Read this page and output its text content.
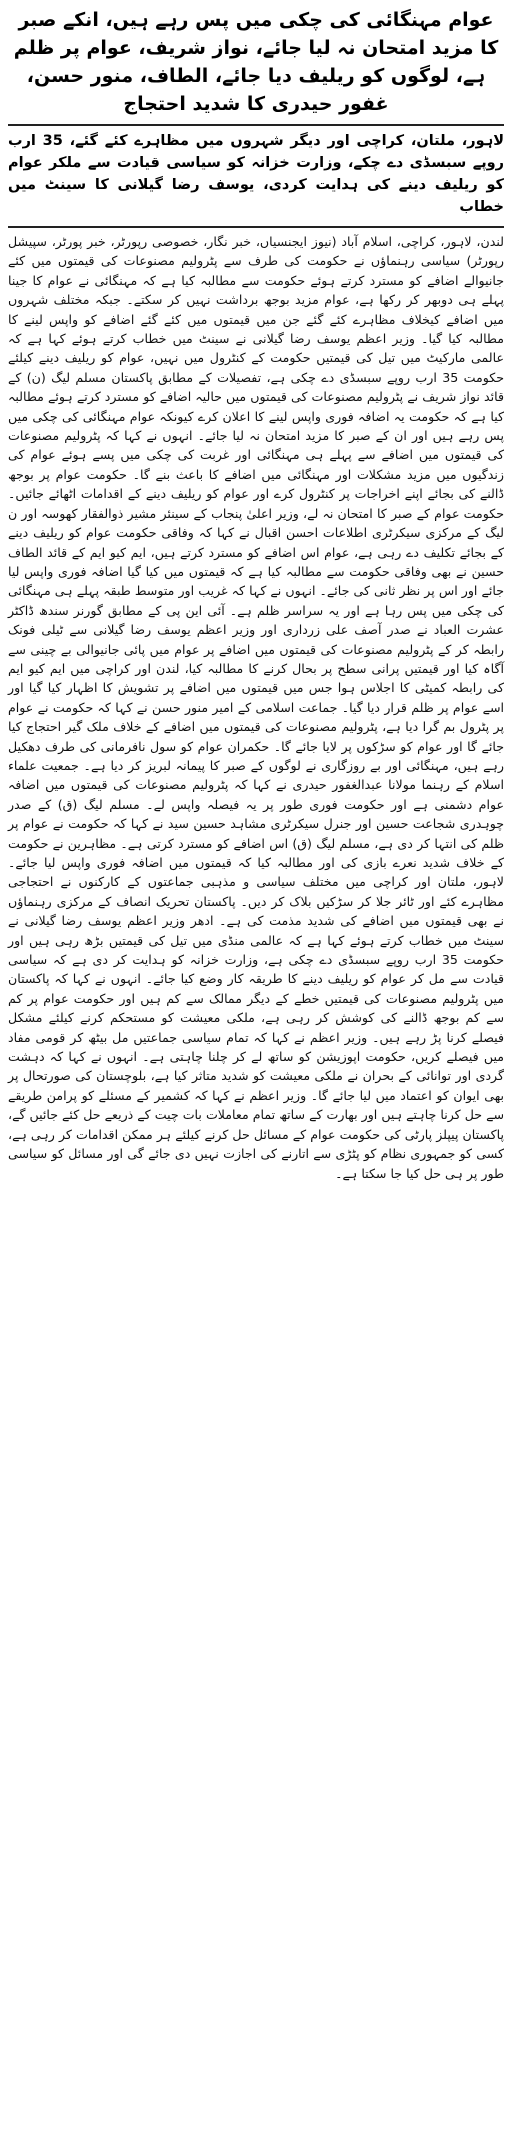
عوام مہنگائی کی چکی میں پس رہے ہیں، انکے صبر کا مزید امتحان نہ لیا جائے، نواز شریف، عوام پر ظلم ہے، لوگوں کو ریلیف دیا جائے، الطاف، منور حسن، غفور حیدری کا شدید احتجاج
لاہور، ملتان، کراچی اور دیگر شہروں میں مظاہرے کئے گئے، 35 ارب روپے سبسڈی دے چکے، وزارت خزانہ کو سیاسی قیادت سے ملکر عوام کو ریلیف دینے کی ہدایت کردی، یوسف رضا گیلانی کا سینٹ میں خطاب

لندن، لاہور، کراچی، اسلام آباد (نیوز ایجنسیاں، خبر نگار، خصوصی رپورٹر، خبر پورٹر، سپیشل رپورٹر) سیاسی رہنماؤں نے حکومت کی طرف سے پٹرولیم مصنوعات کی قیمتوں میں کئے جانیوالے اضافے کو مسترد کرتے ہوئے حکومت سے مطالبہ کیا ہے کہ مہنگائی نے عوام کا جینا پہلے ہی دوبھر کر رکھا ہے، عوام مزید بوجھ برداشت نہیں کر سکتے۔ جبکہ مختلف شہروں میں اضافے کیخلاف مظاہرے کئے گئے جن میں قیمتوں میں کئے گئے اضافے کو واپس لینے کا مطالبہ کیا گیا۔ وزیر اعظم یوسف رضا گیلانی نے سینٹ میں خطاب کرتے ہوئے کہا ہے کہ عالمی مارکیٹ میں تیل کی قیمتیں حکومت کے کنٹرول میں نہیں، عوام کو ریلیف دینے کیلئے حکومت 35 ارب روپے سبسڈی دے چکی ہے، تفصیلات کے مطابق پاکستان مسلم لیگ (ن) کے قائد نواز شریف نے پٹرولیم مصنوعات کی قیمتوں میں حالیہ اضافے کو مسترد کرتے ہوئے مطالبہ کیا ہے کہ حکومت یہ اضافہ فوری واپس لینے کا اعلان کرے کیونکہ عوام مہنگائی کی چکی میں پس رہے ہیں اور ان کے صبر کا مزید امتحان نہ لیا جائے۔ انہوں نے کہا کہ پٹرولیم مصنوعات کی قیمتوں میں اضافے سے پہلے ہی مہنگائی اور غربت کی چکی میں پسے ہوئے عوام کی زندگیوں میں مزید مشکلات اور مہنگائی میں اضافے کا باعث بنے گا۔ حکومت عوام پر بوجھ ڈالنے کی بجائے اپنے اخراجات پر کنٹرول کرے اور عوام کو ریلیف دینے کے اقدامات اٹھائے جائیں۔ حکومت عوام کے صبر کا امتحان نہ لے، وزیر اعلیٰ پنجاب کے سینئر مشیر ذوالفقار کھوسہ اور ن لیگ کے مرکزی سیکرٹری اطلاعات احسن اقبال نے کہا کہ وفاقی حکومت عوام کو ریلیف دینے کے بجائے تکلیف دے رہی ہے، عوام اس اضافے کو مسترد کرتے ہیں، ایم کیو ایم کے قائد الطاف حسین نے بھی وفاقی حکومت سے مطالبہ کیا ہے کہ قیمتوں میں کیا گیا اضافہ فوری واپس لیا جائے اور اس پر نظر ثانی کی جائے۔ انہوں نے کہا کہ غریب اور متوسط طبقہ پہلے ہی مہنگائی کی چکی میں پس رہا ہے اور یہ سراسر ظلم ہے۔ آئی این پی کے مطابق گورنر سندھ ڈاکٹر عشرت العباد نے صدر آصف علی زرداری اور وزیر اعظم یوسف رضا گیلانی سے ٹیلی فونک رابطہ کر کے پٹرولیم مصنوعات کی قیمتوں میں اضافے پر عوام میں پائی جانیوالی بے چینی سے آگاہ کیا اور قیمتیں پرانی سطح پر بحال کرنے کا مطالبہ کیا، لندن اور کراچی میں ایم کیو ایم کی رابطہ کمیٹی کا اجلاس ہوا جس میں قیمتوں میں اضافے پر تشویش کا اظہار کیا گیا اور اسے عوام پر ظلم قرار دیا گیا۔ جماعت اسلامی کے امیر منور حسن نے کہا کہ حکومت نے عوام پر پٹرول بم گرا دیا ہے، پٹرولیم مصنوعات کی قیمتوں میں اضافے کے خلاف ملک گیر احتجاج کیا جائے گا اور عوام کو سڑکوں پر لایا جائے گا۔ حکمران عوام کو سول نافرمانی کی طرف دھکیل رہے ہیں، مہنگائی اور بے روزگاری نے لوگوں کے صبر کا پیمانہ لبریز کر دیا ہے۔ جمعیت علماء اسلام کے رہنما مولانا عبدالغفور حیدری نے کہا کہ پٹرولیم مصنوعات کی قیمتوں میں اضافہ عوام دشمنی ہے اور حکومت فوری طور پر یہ فیصلہ واپس لے۔ مسلم لیگ (ق) کے صدر چوہدری شجاعت حسین اور جنرل سیکرٹری مشاہد حسین سید نے کہا کہ حکومت نے عوام پر ظلم کی انتہا کر دی ہے، مسلم لیگ (ق) اس اضافے کو مسترد کرتی ہے۔ مظاہرین نے حکومت کے خلاف شدید نعرے بازی کی اور مطالبہ کیا کہ قیمتوں میں اضافہ فوری واپس لیا جائے۔ لاہور، ملتان اور کراچی میں مختلف سیاسی و مذہبی جماعتوں کے کارکنوں نے احتجاجی مظاہرے کئے اور ٹائر جلا کر سڑکیں بلاک کر دیں۔ پاکستان تحریک انصاف کے مرکزی رہنماؤں نے بھی قیمتوں میں اضافے کی شدید مذمت کی ہے۔ ادھر وزیر اعظم یوسف رضا گیلانی نے سینٹ میں خطاب کرتے ہوئے کہا ہے کہ عالمی منڈی میں تیل کی قیمتیں بڑھ رہی ہیں اور حکومت 35 ارب روپے سبسڈی دے چکی ہے، وزارت خزانہ کو ہدایت کر دی ہے کہ سیاسی قیادت سے مل کر عوام کو ریلیف دینے کا طریقہ کار وضع کیا جائے۔ انہوں نے کہا کہ پاکستان میں پٹرولیم مصنوعات کی قیمتیں خطے کے دیگر ممالک سے کم ہیں اور حکومت عوام پر کم سے کم بوجھ ڈالنے کی کوشش کر رہی ہے، ملکی معیشت کو مستحکم کرنے کیلئے مشکل فیصلے کرنا پڑ رہے ہیں۔ وزیر اعظم نے کہا کہ تمام سیاسی جماعتیں مل بیٹھ کر قومی مفاد میں فیصلے کریں، حکومت اپوزیشن کو ساتھ لے کر چلنا چاہتی ہے۔ انہوں نے کہا کہ دہشت گردی اور توانائی کے بحران نے ملکی معیشت کو شدید متاثر کیا ہے، بلوچستان کی صورتحال پر بھی ایوان کو اعتماد میں لیا جائے گا۔ وزیر اعظم نے کہا کہ کشمیر کے مسئلے کو پرامن طریقے سے حل کرنا چاہتے ہیں اور بھارت کے ساتھ تمام معاملات بات چیت کے ذریعے حل کئے جائیں گے، پاکستان پیپلز پارٹی کی حکومت عوام کے مسائل حل کرنے کیلئے ہر ممکن اقدامات کر رہی ہے، کسی کو جمہوری نظام کو پٹڑی سے اتارنے کی اجازت نہیں دی جائے گی اور مسائل کو سیاسی طور پر ہی حل کیا جا سکتا ہے۔
